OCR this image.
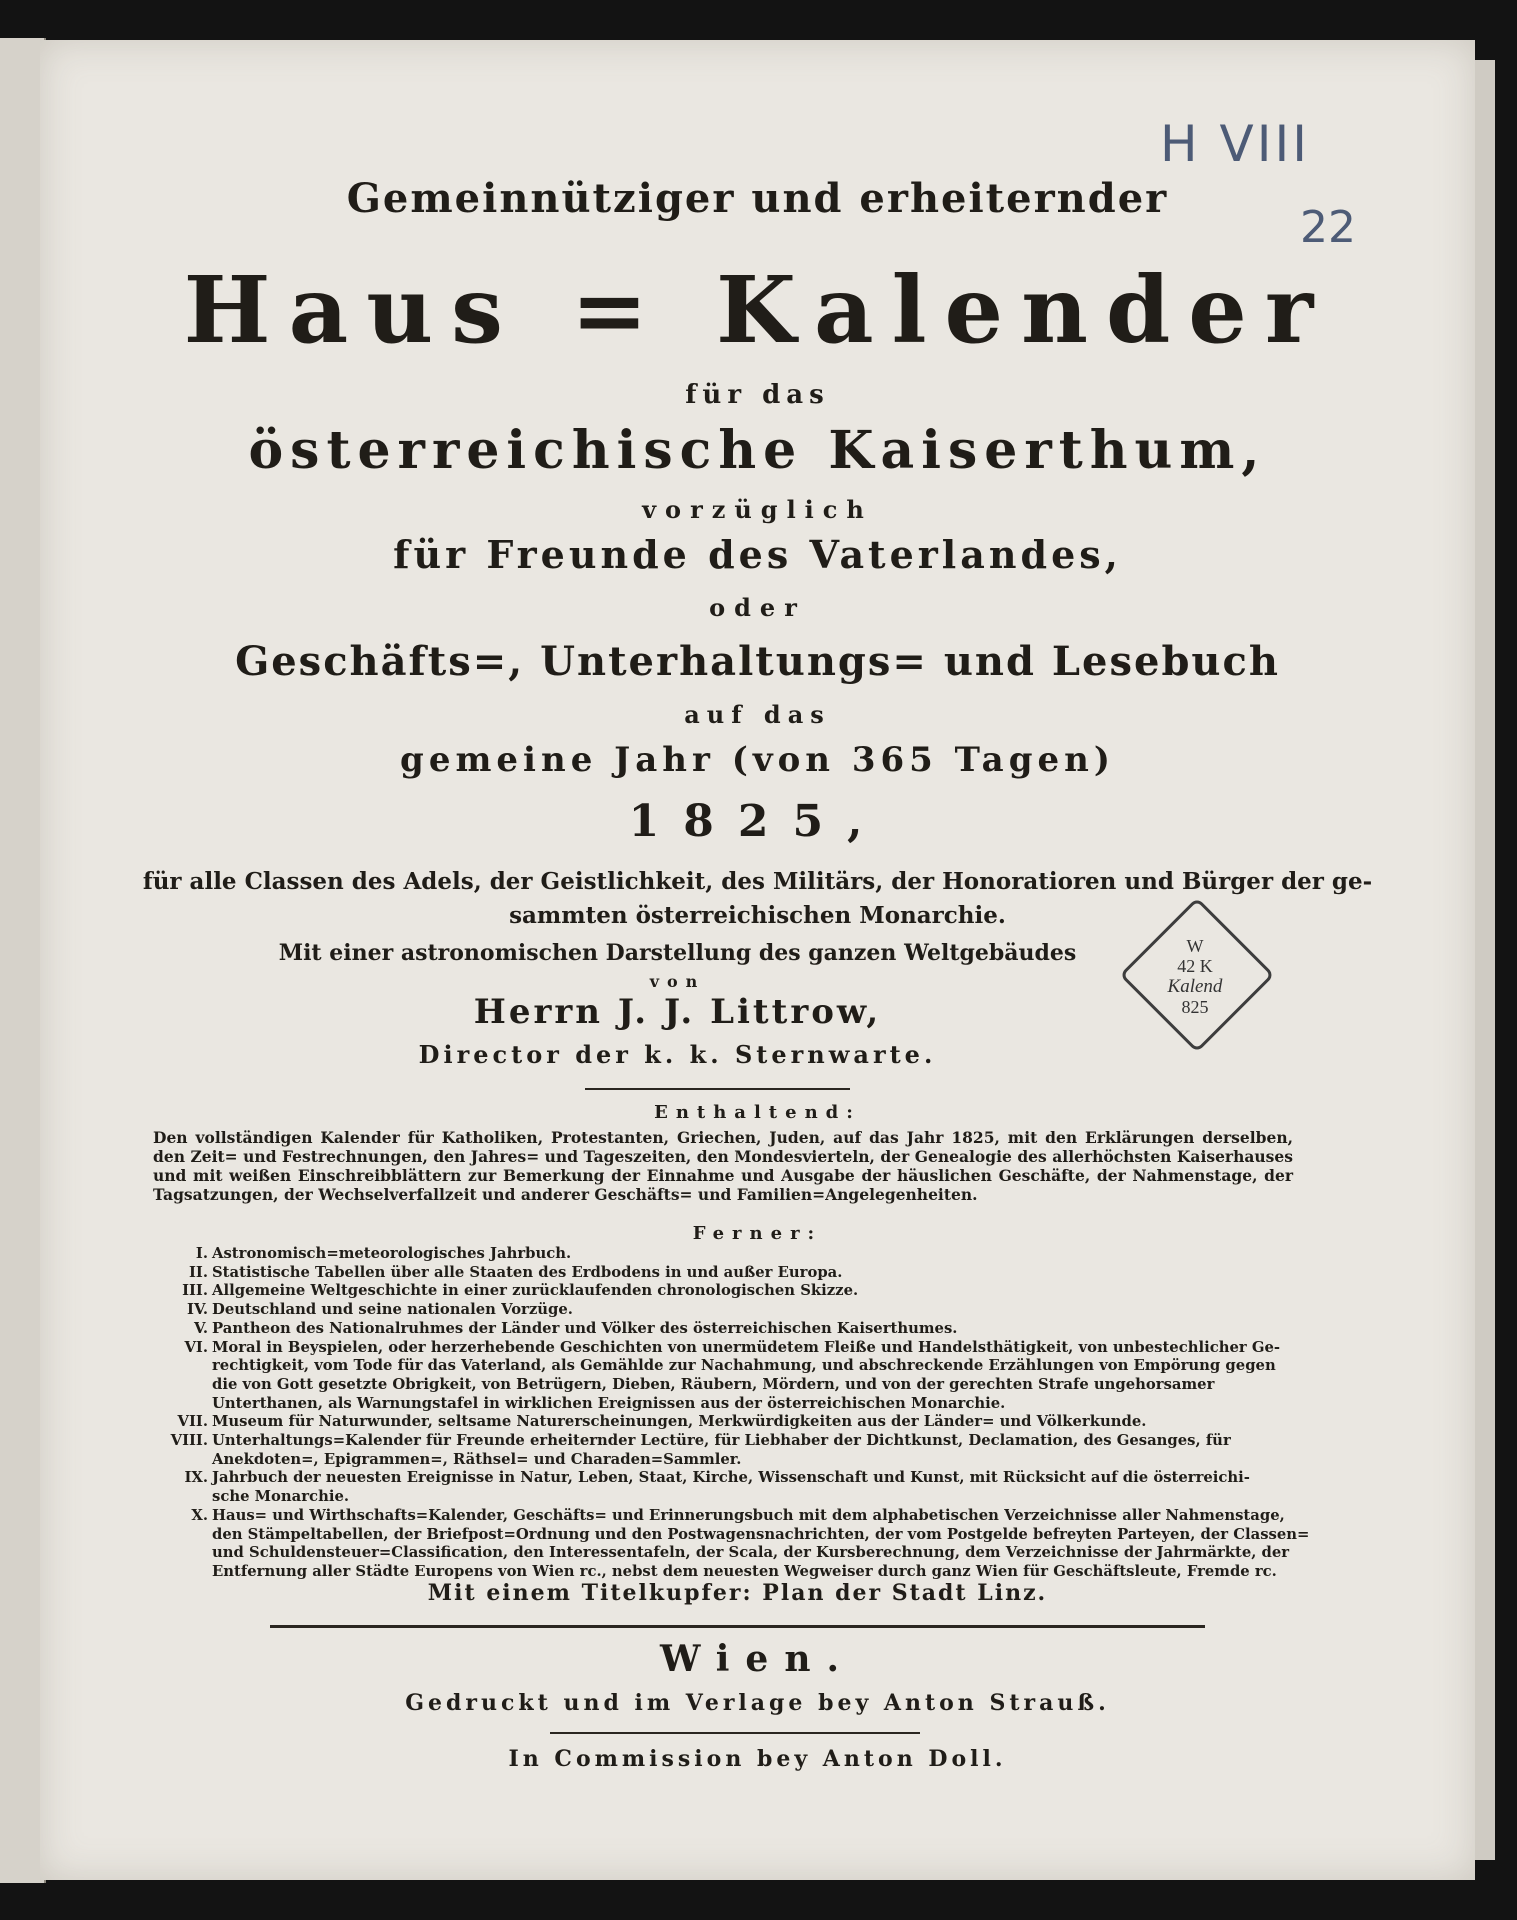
H VIII
22
Gemeinnütziger und erheiternder
Haus = Kalender
für das
österreichische Kaiserthum,
vorzüglich
für Freunde des Vaterlandes,
oder
Geschäfts=, Unterhaltungs= und Lesebuch
auf das
gemeine Jahr (von 365 Tagen)
1825,
für alle Classen des Adels, der Geistlichkeit, des Militärs, der Honoratioren und Bürger der ge-
sammten österreichischen Monarchie.
Mit einer astronomischen Darstellung des ganzen Weltgebäudes
von
Herrn J. J. Littrow,
Director der k. k. Sternwarte.
W
42 K
Kalend
825
Enthaltend:

Den vollständigen Kalender für Katholiken, Protestanten, Griechen, Juden, auf das Jahr 1825, mit den Erklärungen derselben,

den Zeit= und Festrechnungen, den Jahres= und Tageszeiten, den Mondesvierteln, der Genealogie des allerhöchsten Kaiserhauses

und mit weißen Einschreibblättern zur Bemerkung der Einnahme und Ausgabe der häuslichen Geschäfte, der Nahmenstage, der

Tagsatzungen, der Wechselverfallzeit und anderer Geschäfts= und Familien=Angelegenheiten.

Ferner:
I. Astronomisch=meteorologisches Jahrbuch.
II. Statistische Tabellen über alle Staaten des Erdbodens in und außer Europa.
III. Allgemeine Weltgeschichte in einer zurücklaufenden chronologischen Skizze.
IV. Deutschland und seine nationalen Vorzüge.
V. Pantheon des Nationalruhmes der Länder und Völker des österreichischen Kaiserthumes.
VI. Moral in Beyspielen, oder herzerhebende Geschichten von unermüdetem Fleiße und Handelsthätigkeit, von unbestechlicher Ge-
rechtigkeit, vom Tode für das Vaterland, als Gemählde zur Nachahmung, und abschreckende Erzählungen von Empörung gegen
die von Gott gesetzte Obrigkeit, von Betrügern, Dieben, Räubern, Mördern, und von der gerechten Strafe ungehorsamer
Unterthanen, als Warnungstafel in wirklichen Ereignissen aus der österreichischen Monarchie.
VII. Museum für Naturwunder, seltsame Naturerscheinungen, Merkwürdigkeiten aus der Länder= und Völkerkunde.
VIII. Unterhaltungs=Kalender für Freunde erheiternder Lectüre, für Liebhaber der Dichtkunst, Declamation, des Gesanges, für
Anekdoten=, Epigrammen=, Räthsel= und Charaden=Sammler.
IX. Jahrbuch der neuesten Ereignisse in Natur, Leben, Staat, Kirche, Wissenschaft und Kunst, mit Rücksicht auf die österreichi-
sche Monarchie.
X. Haus= und Wirthschafts=Kalender, Geschäfts= und Erinnerungsbuch mit dem alphabetischen Verzeichnisse aller Nahmenstage,
den Stämpeltabellen, der Briefpost=Ordnung und den Postwagensnachrichten, der vom Postgelde befreyten Parteyen, der Classen=
und Schuldensteuer=Classification, den Interessentafeln, der Scala, der Kursberechnung, dem Verzeichnisse der Jahrmärkte, der
Entfernung aller Städte Europens von Wien rc., nebst dem neuesten Wegweiser durch ganz Wien für Geschäftsleute, Fremde rc.
Mit einem Titelkupfer: Plan der Stadt Linz.
Wien.
Gedruckt und im Verlage bey Anton Strauß.
In Commission bey Anton Doll.
